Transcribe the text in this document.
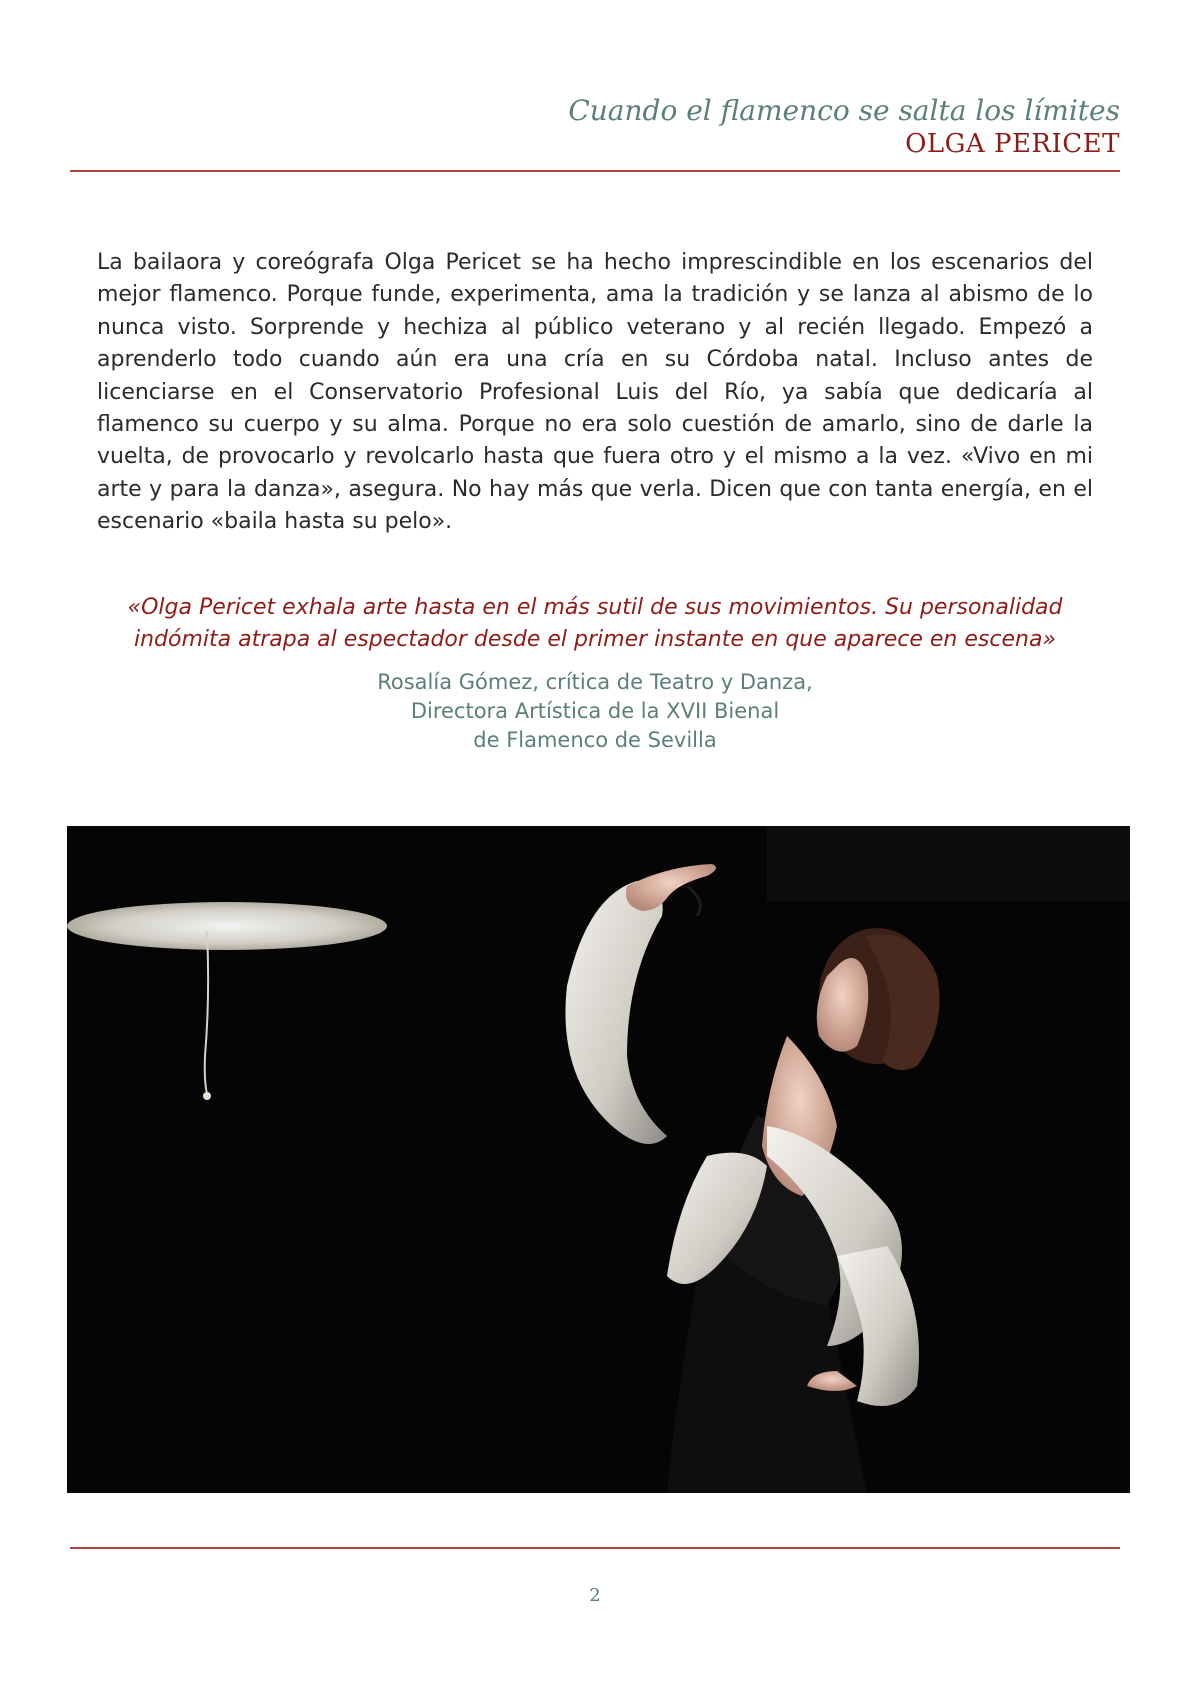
Cuando el flamenco se salta los límites
OLGA PERICET

La bailaora y coreógrafa Olga Pericet se ha hecho imprescindible en los escenarios del mejor flamenco. Porque funde, experimenta, ama la tradición y se lanza al abismo de lo nunca visto. Sorprende y hechiza al público veterano y al recién llegado. Empezó a aprenderlo todo cuando aún era una cría en su Córdoba natal. Incluso antes de licenciarse en el Conservatorio Profesional Luis del Río, ya sabía que dedicaría al flamenco su cuerpo y su alma. Porque no era solo cuestión de amarlo, sino de darle la vuelta, de provocarlo y revolcarlo hasta que fuera otro y el mismo a la vez. «Vivo en mi arte y para la danza», asegura. No hay más que verla. Dicen que con tanta energía, en el escenario «baila hasta su pelo».

«Olga Pericet exhala arte hasta en el más sutil de sus movimientos. Su personalidad indómita atrapa al espectador desde el primer instante en que aparece en escena»

Rosalía Gómez, crítica de Teatro y Danza,
Directora Artística de la XVII Bienal
de Flamenco de Sevilla
2
